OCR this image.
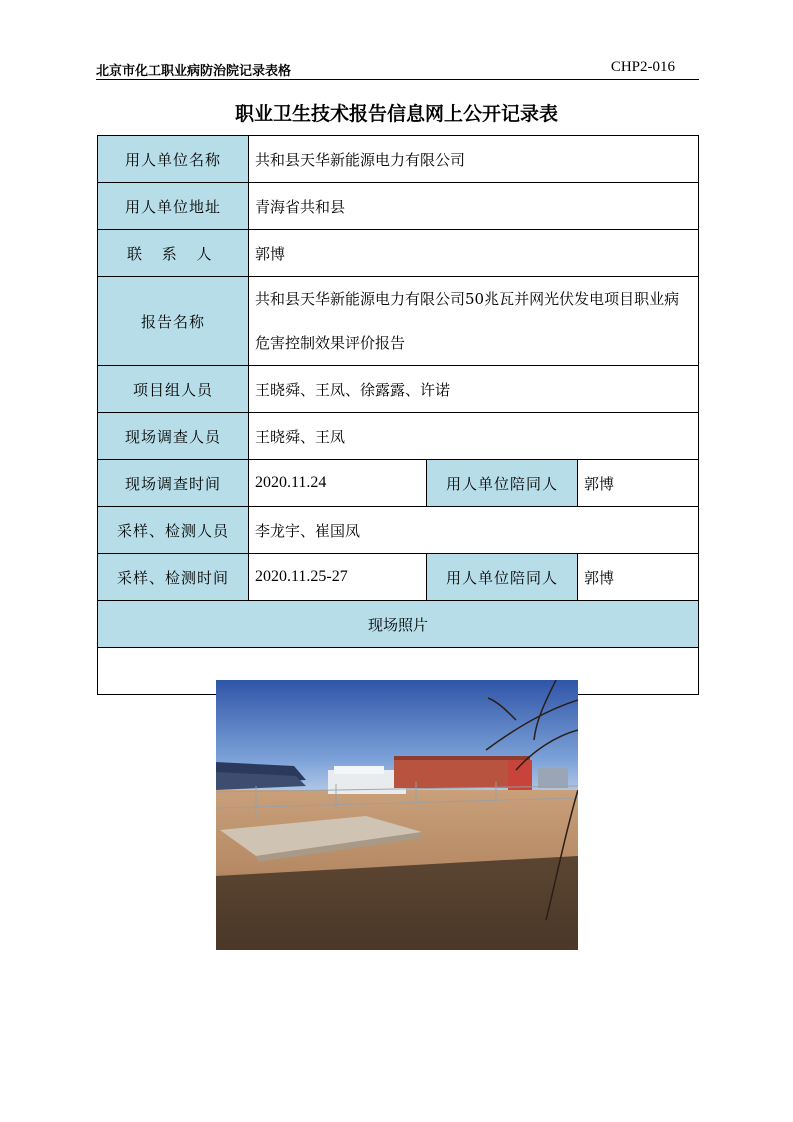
北京市化工职业病防治院记录表格	CHP2-016
职业卫生技术报告信息网上公开记录表
用人单位名称	共和县天华新能源电力有限公司		
用人单位地址	青海省共和县		
联 系 人	郭博		
报告名称	共和县天华新能源电力有限公司50兆瓦并网光伏发电项目职业病危害控制效果评价报告		
项目组人员	王晓舜、王凤、徐露露、许诺		
现场调查人员	王晓舜、王凤		
现场调查时间	2020.11.24	用人单位陪同人	郭博
采样、检测人员	李龙宇、崔国凤		
采样、检测时间	2020.11.25-27	用人单位陪同人	郭博
现场照片			
